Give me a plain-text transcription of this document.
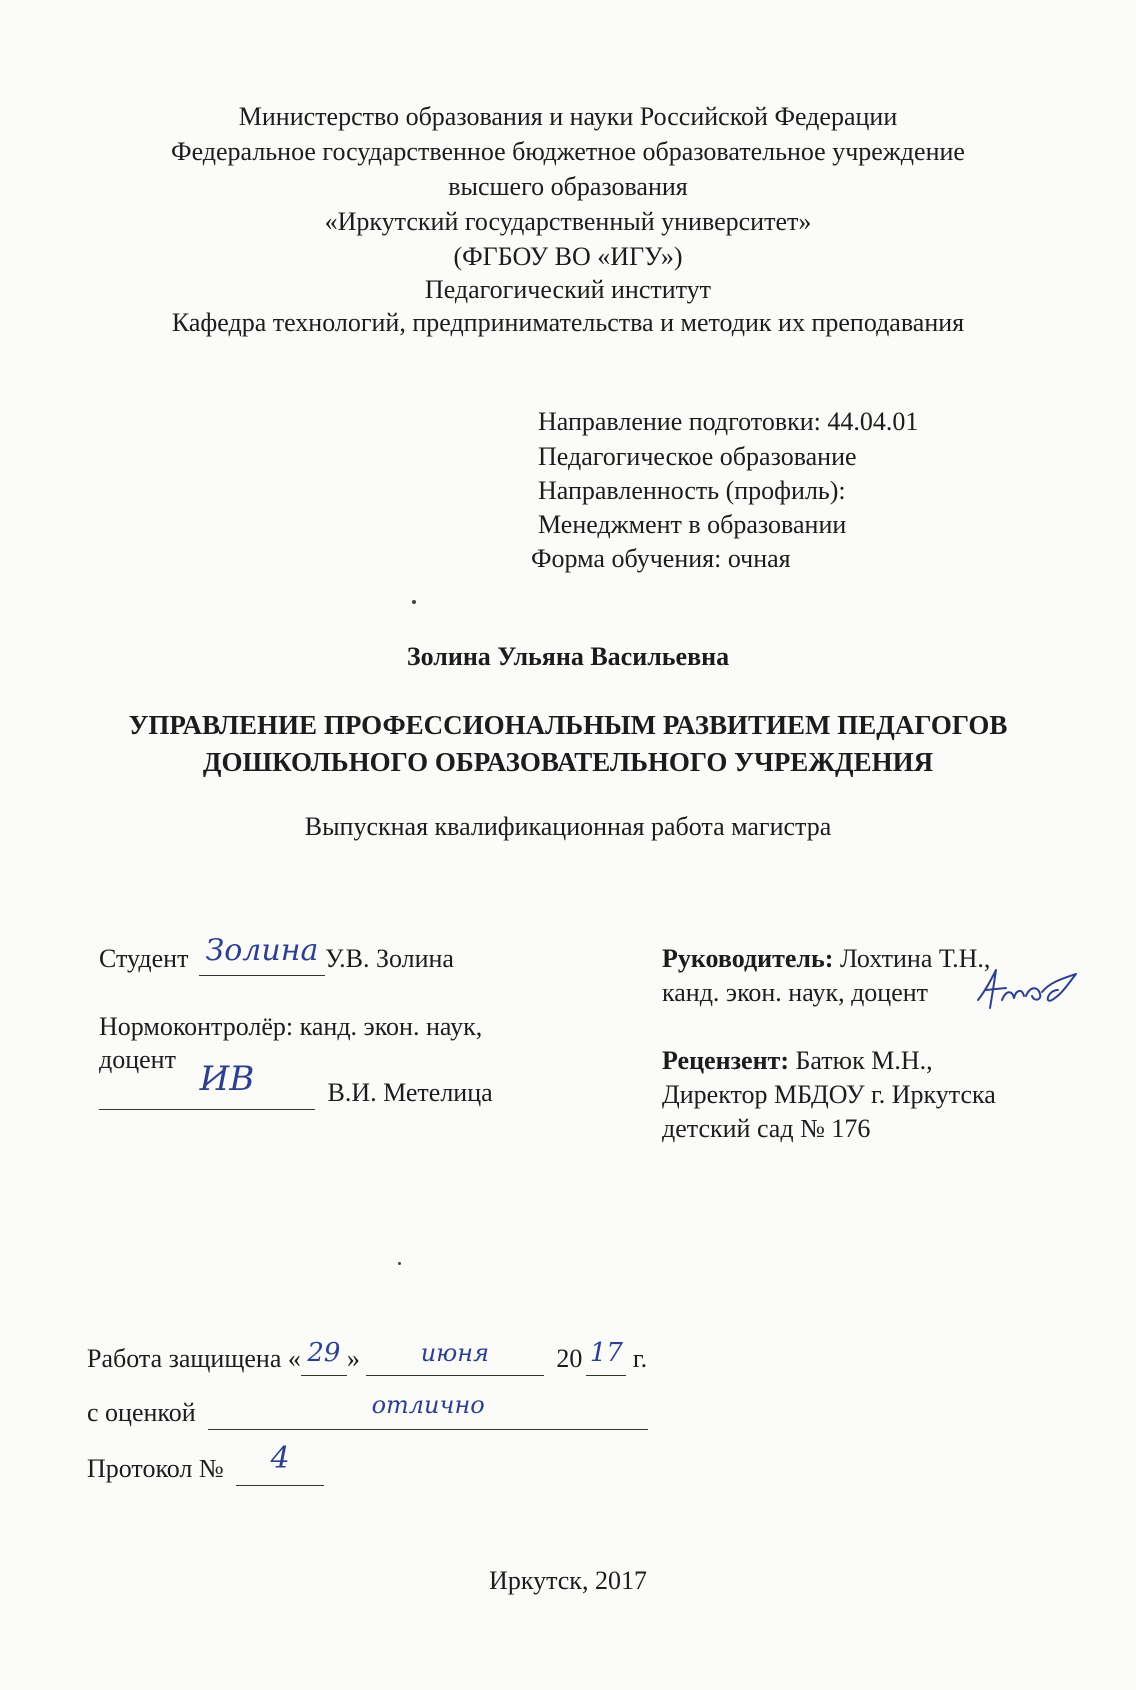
Министерство образования и науки Российской Федерации
Федеральное государственное бюджетное образовательное учреждение
высшего образования
«Иркутский государственный университет»
(ФГБОУ ВО «ИГУ»)
Педагогический институт
Кафедра технологий, предпринимательства и методик их преподавания
Направление подготовки: 44.04.01
Педагогическое образование
Направленность (профиль):
Менеджмент в образовании
Форма обучения: очная
Золина Ульяна Васильевна
УПРАВЛЕНИЕ ПРОФЕССИОНАЛЬНЫМ РАЗВИТИЕМ ПЕДАГОГОВ
ДОШКОЛЬНОГО ОБРАЗОВАТЕЛЬНОГО УЧРЕЖДЕНИЯ
Выпускная квалификационная работа магистра
Студент Золина У.В. Золина
Нормоконтролёр: канд. экон. наук,
доцент ИВ	В.И. Метелица
Руководитель: Лохтина Т.Н.,
канд. экон. наук, доцент
Рецензент: Батюк М.Н.,
Директор МБДОУ г. Иркутска
детский сад № 176
Работа защищена « 29 »	июня	20 17 г.
с оценкой	отлично
Протокол № 4
Иркутск, 2017
